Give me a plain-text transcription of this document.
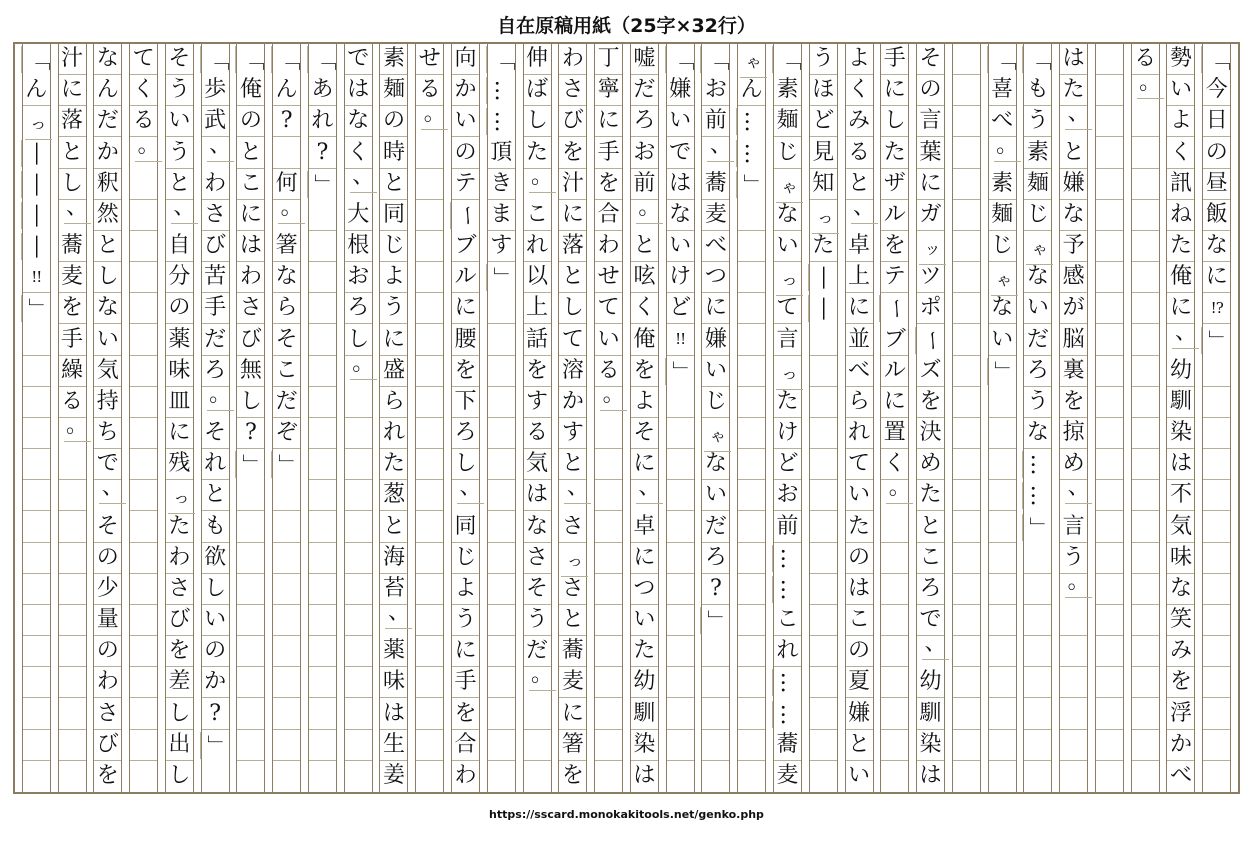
自在原稿用紙（25字×32行）
「
今
日
の
昼
飯
な
に
!?
」
勢
い
よ
く
訊
ね
た
俺
に
、
幼
馴
染
は
不
気
味
な
笑
み
を
浮
か
べ
る
。
は
た
、
と
嫌
な
予
感
が
脳
裏
を
掠
め
、
言
う
。
「
も
う
素
麺
じ
ゃ
な
い
だ
ろ
う
な
…
…
」
「
喜
べ
。
素
麺
じ
ゃ
な
い
」
そ
の
言
葉
に
ガ
ッ
ツ
ポ
ー
ズ
を
決
め
た
と
こ
ろ
で
、
幼
馴
染
は
手
に
し
た
ザ
ル
を
テ
ー
ブ
ル
に
置
く
。
よ
く
み
る
と
、
卓
上
に
並
べ
ら
れ
て
い
た
の
は
こ
の
夏
嫌
と
い
う
ほ
ど
見
知
っ
た
―
―
「
素
麺
じ
ゃ
な
い
っ
て
言
っ
た
け
ど
お
前
…
…
こ
れ
…
…
蕎
麦
ゃ
ん
…
…
」
「
お
前
、
蕎
麦
べ
つ
に
嫌
い
じ
ゃ
な
い
だ
ろ
?
」
「
嫌
い
で
は
な
い
け
ど
!!
」
嘘
だ
ろ
お
前
。
と
呟
く
俺
を
よ
そ
に
、
卓
に
つ
い
た
幼
馴
染
は
丁
寧
に
手
を
合
わ
せ
て
い
る
。
わ
さ
び
を
汁
に
落
と
し
て
溶
か
す
と
、
さ
っ
さ
と
蕎
麦
に
箸
を
伸
ば
し
た
。
こ
れ
以
上
話
を
す
る
気
は
な
さ
そ
う
だ
。
「
…
…
頂
き
ま
す
」
向
か
い
の
テ
ー
ブ
ル
に
腰
を
下
ろ
し
、
同
じ
よ
う
に
手
を
合
わ
せ
る
。
素
麺
の
時
と
同
じ
よ
う
に
盛
ら
れ
た
葱
と
海
苔
、
薬
味
は
生
姜
で
は
な
く
、
大
根
お
ろ
し
。
「
あ
れ
?
」
「
ん
?
何
。
箸
な
ら
そ
こ
だ
ぞ
」
「
俺
の
と
こ
に
は
わ
さ
び
無
し
?
」
「
歩
武
、
わ
さ
び
苦
手
だ
ろ
。
そ
れ
と
も
欲
し
い
の
か
?
」
そ
う
い
う
と
、
自
分
の
薬
味
皿
に
残
っ
た
わ
さ
び
を
差
し
出
し
て
く
る
。
な
ん
だ
か
釈
然
と
し
な
い
気
持
ち
で
、
そ
の
少
量
の
わ
さ
び
を
汁
に
落
と
し
、
蕎
麦
を
手
繰
る
。
「
ん
っ
―
―
―
―
!!
」
https://sscard.monokakitools.net/genko.php
